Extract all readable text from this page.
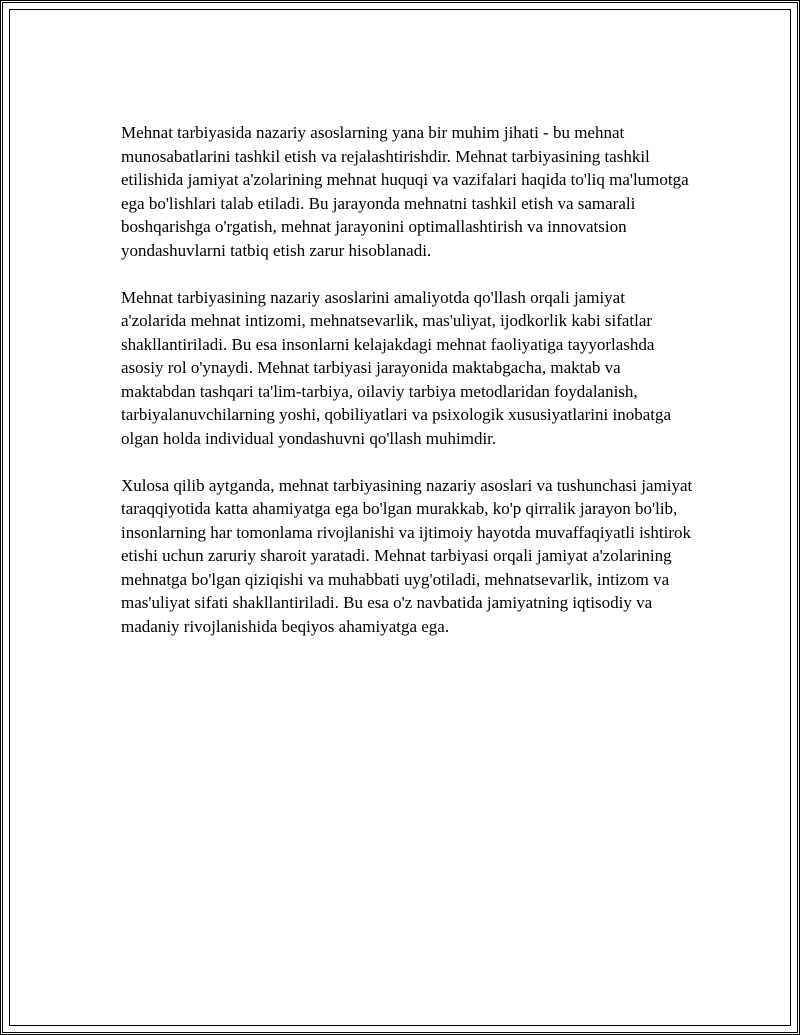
Mehnat tarbiyasida nazariy asoslarning yana bir muhim jihati - bu mehnat munosabatlarini tashkil etish va rejalashtirishdir. Mehnat tarbiyasining tashkil etilishida jamiyat a'zolarining mehnat huquqi va vazifalari haqida to'liq ma'lumotga ega bo'lishlari talab etiladi. Bu jarayonda mehnatni tashkil etish va samarali boshqarishga o'rgatish, mehnat jarayonini optimallashtirish va innovatsion yondashuvlarni tatbiq etish zarur hisoblanadi.

Mehnat tarbiyasining nazariy asoslarini amaliyotda qo'llash orqali jamiyat a'zolarida mehnat intizomi, mehnatsevarlik, mas'uliyat, ijodkorlik kabi sifatlar shakllantiriladi. Bu esa insonlarni kelajakdagi mehnat faoliyatiga tayyorlashda asosiy rol o'ynaydi. Mehnat tarbiyasi jarayonida maktabgacha, maktab va maktabdan tashqari ta'lim-tarbiya, oilaviy tarbiya metodlaridan foydalanish, tarbiyalanuvchilarning yoshi, qobiliyatlari va psixologik xususiyatlarini inobatga olgan holda individual yondashuvni qo'llash muhimdir.

Xulosa qilib aytganda, mehnat tarbiyasining nazariy asoslari va tushunchasi jamiyat taraqqiyotida katta ahamiyatga ega bo'lgan murakkab, ko'p qirralik jarayon bo'lib, insonlarning har tomonlama rivojlanishi va ijtimoiy hayotda muvaffaqiyatli ishtirok etishi uchun zaruriy sharoit yaratadi. Mehnat tarbiyasi orqali jamiyat a'zolarining mehnatga bo'lgan qiziqishi va muhabbati uyg'otiladi, mehnatsevarlik, intizom va mas'uliyat sifati shakllantiriladi. Bu esa o'z navbatida jamiyatning iqtisodiy va madaniy rivojlanishida beqiyos ahamiyatga ega.
